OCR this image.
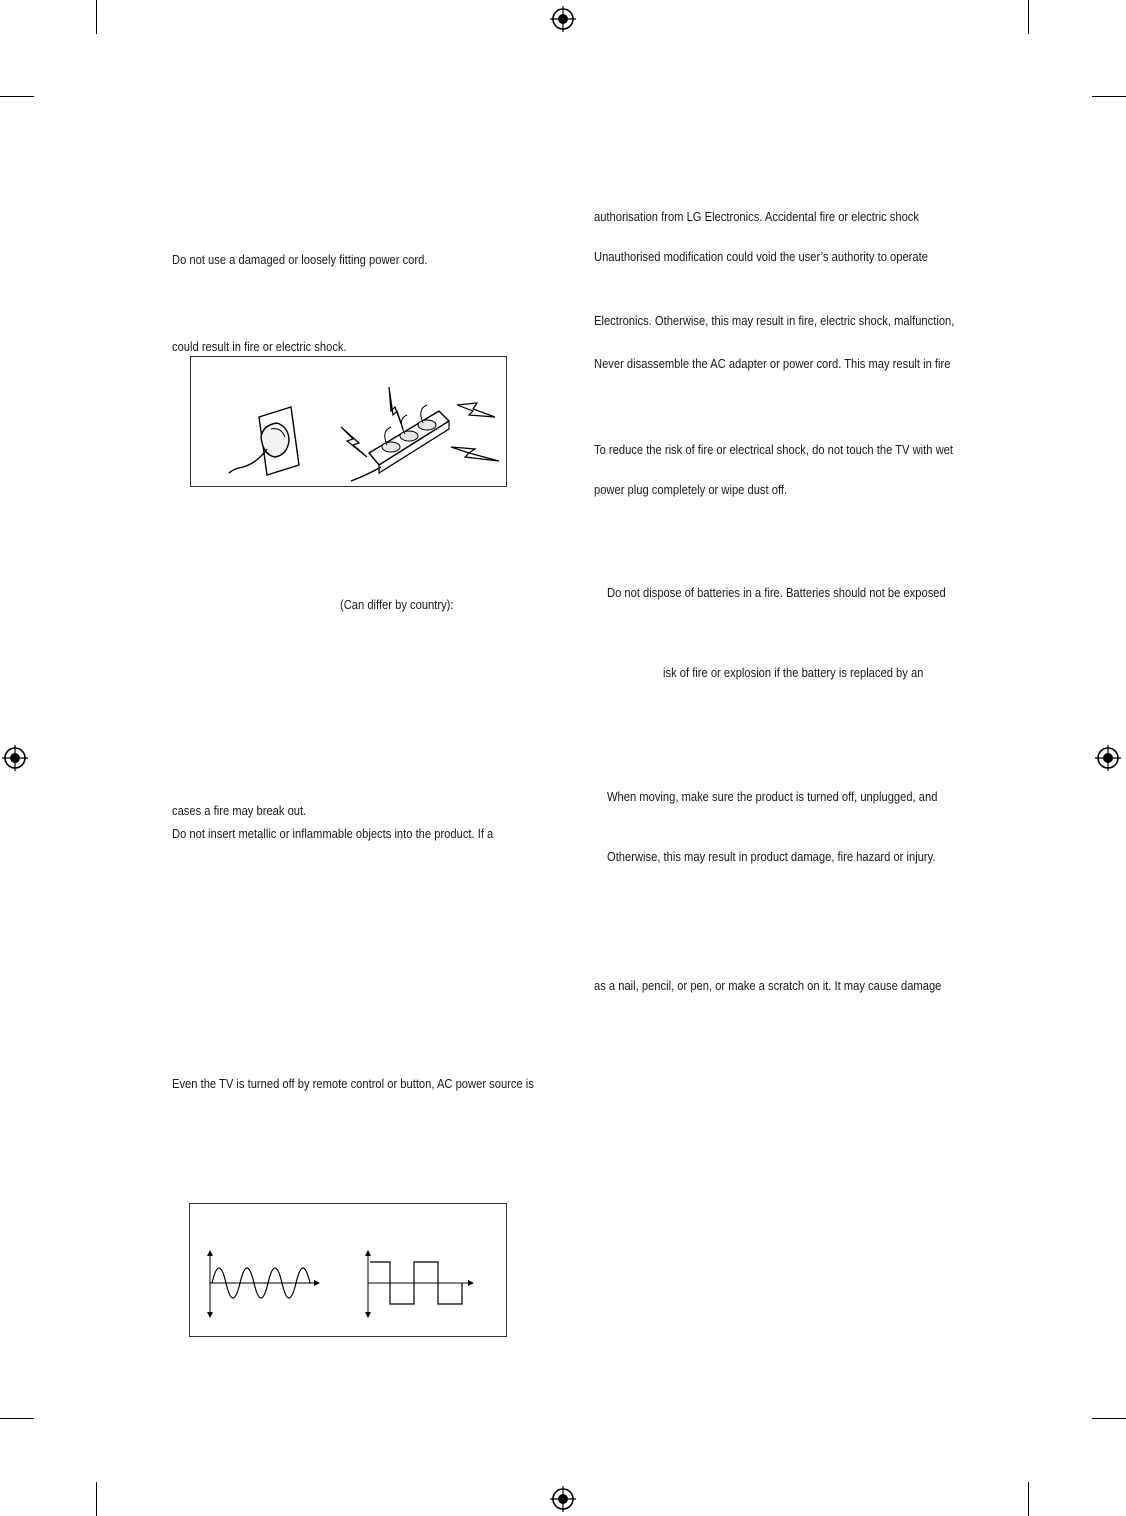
Do not use a damaged or loosely fitting power cord.
could result in fire or electric shock.
(Can differ by country):
cases a fire may break out.
Do not insert metallic or inflammable objects into the product. If a
Even the TV is turned off by remote control or button, AC power source is
authorisation from LG Electronics. Accidental fire or electric shock
Unauthorised modification could void the user’s authority to operate
Electronics. Otherwise, this may result in fire, electric shock, malfunction,
Never disassemble the AC adapter or power cord. This may result in fire
To reduce the risk of fire or electrical shock, do not touch the TV with wet
power plug completely or wipe dust off.
Do not dispose of batteries in a fire. Batteries should not be exposed
isk of fire or explosion if the battery is replaced by an
When moving, make sure the product is turned off, unplugged, and
Otherwise, this may result in product damage, fire hazard or injury.
as a nail, pencil, or pen, or make a scratch on it. It may cause damage
